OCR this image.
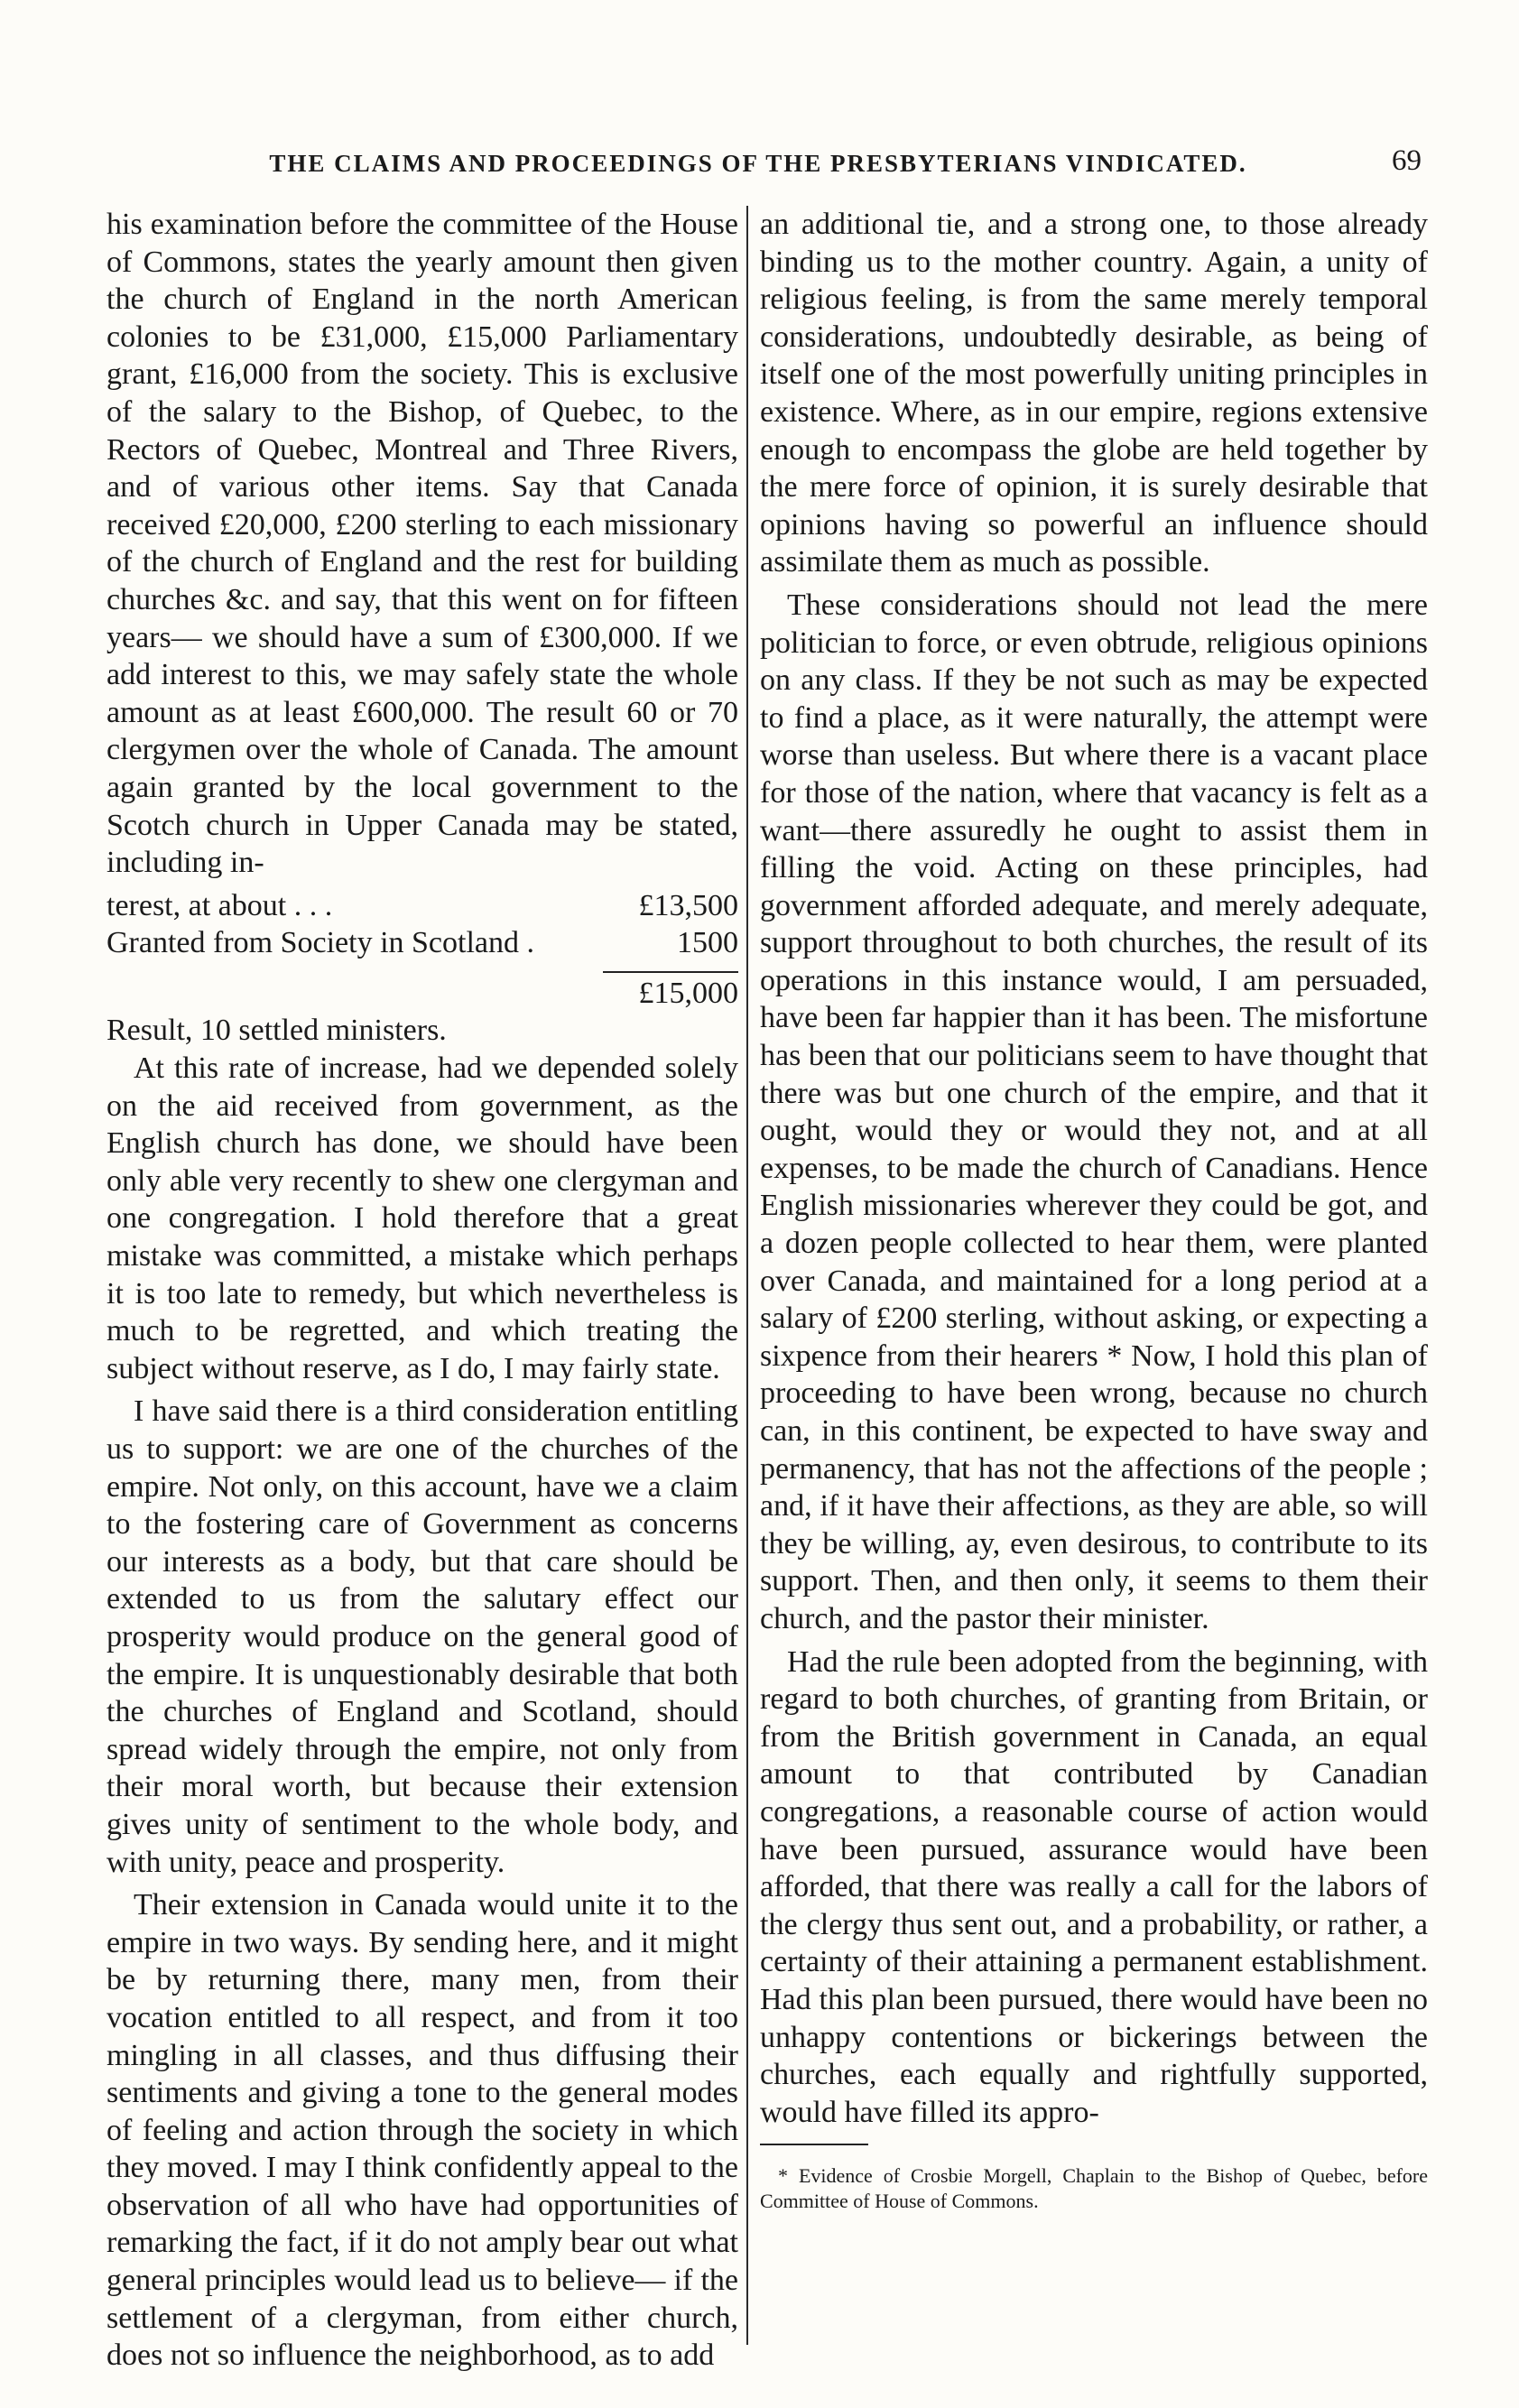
THE CLAIMS AND PROCEEDINGS OF THE PRESBYTERIANS VINDICATED.	69

his examination before the committee of the House of Commons, states the yearly amount then given the church of England in the north American colonies to be £31,000, £15,000 Parliamentary grant, £16,000 from the society. This is exclusive of the salary to the Bishop, of Quebec, to the Rectors of Quebec, Montreal and Three Rivers, and of various other items. Say that Canada received £20,000, £200 sterling to each missionary of the church of England and the rest for building churches &c. and say, that this went on for fifteen years— we should have a sum of £300,000. If we add interest to this, we may safely state the whole amount as at least £600,000. The result 60 or 70 clergymen over the whole of Canada. The amount again granted by the local government to the Scotch church in Upper Canada may be stated, including in-

terest, at about . . .	£13,500
Granted from Society in Scotland .	1500
£15,000
Result, 10 settled ministers.

At this rate of increase, had we depended solely on the aid received from government, as the English church has done, we should have been only able very recently to shew one clergyman and one congregation. I hold therefore that a great mistake was committed, a mistake which perhaps it is too late to remedy, but which nevertheless is much to be regretted, and which treating the subject without reserve, as I do, I may fairly state.

I have said there is a third consideration entitling us to support: we are one of the churches of the empire. Not only, on this account, have we a claim to the fostering care of Government as concerns our interests as a body, but that care should be extended to us from the salutary effect our prosperity would produce on the general good of the empire. It is unquestionably desirable that both the churches of England and Scotland, should spread widely through the empire, not only from their moral worth, but because their extension gives unity of sentiment to the whole body, and with unity, peace and prosperity.

Their extension in Canada would unite it to the empire in two ways. By sending here, and it might be by returning there, many men, from their vocation entitled to all respect, and from it too mingling in all classes, and thus diffusing their sentiments and giving a tone to the general modes of feeling and action through the society in which they moved. I may I think confidently appeal to the observation of all who have had opportunities of remarking the fact, if it do not amply bear out what general principles would lead us to believe— if the settlement of a clergyman, from either church, does not so influence the neighborhood, as to add

an additional tie, and a strong one, to those already binding us to the mother country. Again, a unity of religious feeling, is from the same merely temporal considerations, undoubtedly desirable, as being of itself one of the most powerfully uniting principles in existence. Where, as in our empire, regions extensive enough to encompass the globe are held together by the mere force of opinion, it is surely desirable that opinions having so powerful an influence should assimilate them as much as possible.

These considerations should not lead the mere politician to force, or even obtrude, religious opinions on any class. If they be not such as may be expected to find a place, as it were naturally, the attempt were worse than useless. But where there is a vacant place for those of the nation, where that vacancy is felt as a want—there assuredly he ought to assist them in filling the void. Acting on these principles, had government afforded adequate, and merely adequate, support throughout to both churches, the result of its operations in this instance would, I am persuaded, have been far happier than it has been. The misfortune has been that our politicians seem to have thought that there was but one church of the empire, and that it ought, would they or would they not, and at all expenses, to be made the church of Canadians. Hence English missionaries wherever they could be got, and a dozen people collected to hear them, were planted over Canada, and maintained for a long period at a salary of £200 sterling, without asking, or expecting a sixpence from their hearers * Now, I hold this plan of proceeding to have been wrong, because no church can, in this continent, be expected to have sway and permanency, that has not the affections of the people ; and, if it have their affections, as they are able, so will they be willing, ay, even desirous, to contribute to its support. Then, and then only, it seems to them their church, and the pastor their minister.

Had the rule been adopted from the beginning, with regard to both churches, of granting from Britain, or from the British government in Canada, an equal amount to that contributed by Canadian congregations, a reasonable course of action would have been pursued, assurance would have been afforded, that there was really a call for the labors of the clergy thus sent out, and a probability, or rather, a certainty of their attaining a permanent establishment. Had this plan been pursued, there would have been no unhappy contentions or bickerings between the churches, each equally and rightfully supported, would have filled its appro-

* Evidence of Crosbie Morgell, Chaplain to the Bishop of Quebec, before Committee of House of Commons.
